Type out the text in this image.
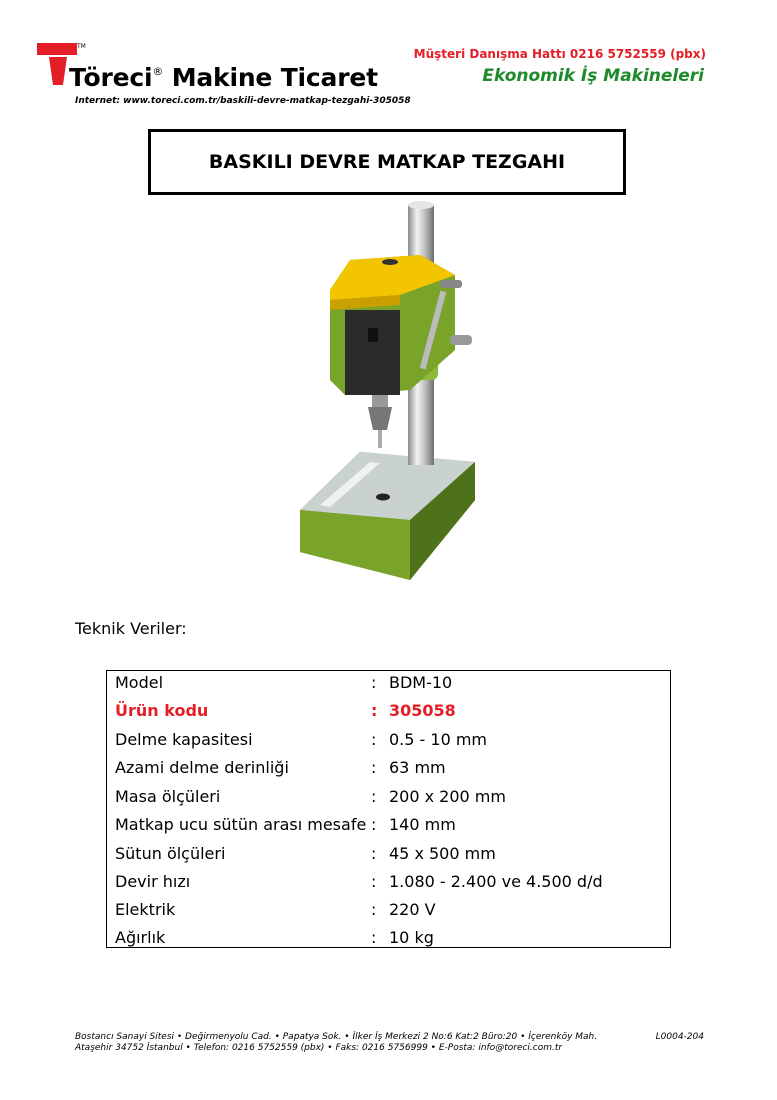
TM
Töreci® Makine Ticaret
Müşteri Danışma Hattı 0216 5752559 (pbx)
Ekonomik İş Makineleri
Internet: www.toreci.com.tr/baskili-devre-matkap-tezgahi-305058
BASKILI DEVRE MATKAP TEZGAHI
Teknik Veriler:
Model	: BDM-10
Ürün kodu	: 305058
Delme kapasitesi	: 0.5 - 10 mm
Azami delme derinliği	: 63 mm
Masa ölçüleri	: 200 x 200 mm
Matkap ucu sütün arası mesafe : 140 mm
Sütun ölçüleri	: 45 x 500 mm
Devir hızı	: 1.080 - 2.400 ve 4.500 d/d
Elektrik	: 220 V
Ağırlık	: 10 kg
Bostancı Sanayi Sitesi • Değirmenyolu Cad. • Papatya Sok. • İlker İş Merkezi 2 No:6 Kat:2 Büro:20 • İçerenköy Mah.
Ataşehir 34752 İstanbul • Telefon: 0216 5752559 (pbx) • Faks: 0216 5756999 • E-Posta: info@toreci.com.tr
L0004-204
